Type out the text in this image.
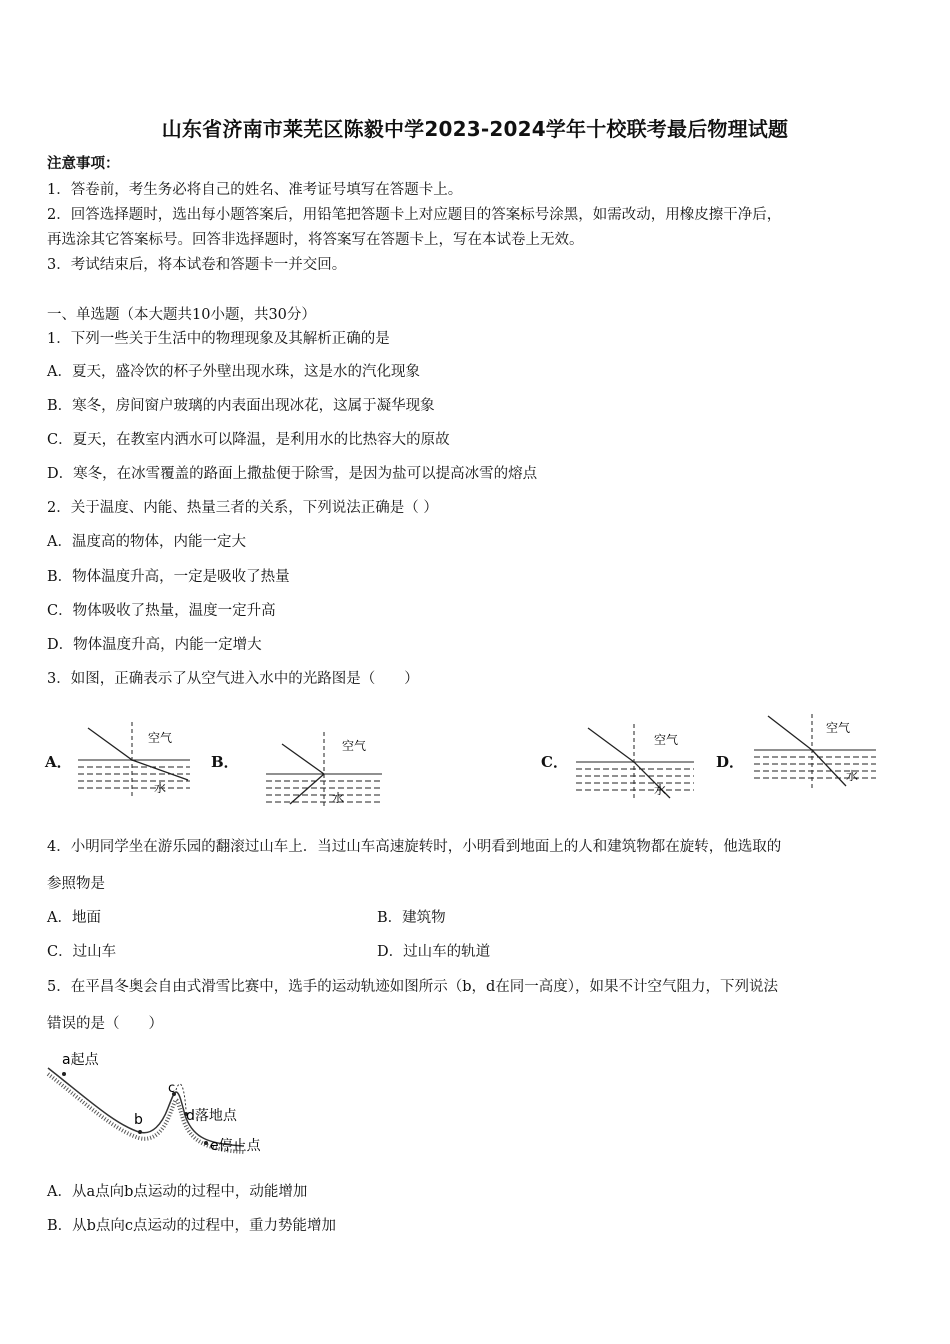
山东省济南市莱芜区陈毅中学2023-2024学年十校联考最后物理试题
注意事项：
1．答卷前，考生务必将自己的姓名、准考证号填写在答题卡上。
2．回答选择题时，选出每小题答案后，用铅笔把答题卡上对应题目的答案标号涂黑，如需改动，用橡皮擦干净后，
再选涂其它答案标号。回答非选择题时，将答案写在答题卡上，写在本试卷上无效。
3．考试结束后，将本试卷和答题卡一并交回。
一、单选题（本大题共10小题，共30分）
1．下列一些关于生活中的物理现象及其解析正确的是
A．夏天，盛冷饮的杯子外壁出现水珠，这是水的汽化现象
B．寒冬，房间窗户玻璃的内表面出现冰花，这属于凝华现象
C．夏天，在教室内洒水可以降温，是利用水的比热容大的原故
D．寒冬，在冰雪覆盖的路面上撒盐便于除雪，是因为盐可以提高冰雪的熔点
2．关于温度、内能、热量三者的关系，下列说法正确是（ ）
A．温度高的物体，内能一定大
B．物体温度升高，一定是吸收了热量
C．物体吸收了热量，温度一定升高
D．物体温度升高，内能一定增大
3．如图，正确表示了从空气进入水中的光路图是（　　）
A．	B．	C．	D．
空气
水
空气
水
空气
水
空气
水
4．小明同学坐在游乐园的翻滚过山车上．当过山车高速旋转时，小明看到地面上的人和建筑物都在旋转，他选取的
参照物是
A．地面	B．建筑物
C．过山车	D．过山车的轨道
5．在平昌冬奥会自由式滑雪比赛中，选手的运动轨迹如图所示（b，d在同一高度），如果不计空气阻力，下列说法
错误的是（　　）
a起点
b
c
d落地点
e停止点
A．从a点向b点运动的过程中，动能增加
B．从b点向c点运动的过程中，重力势能增加
